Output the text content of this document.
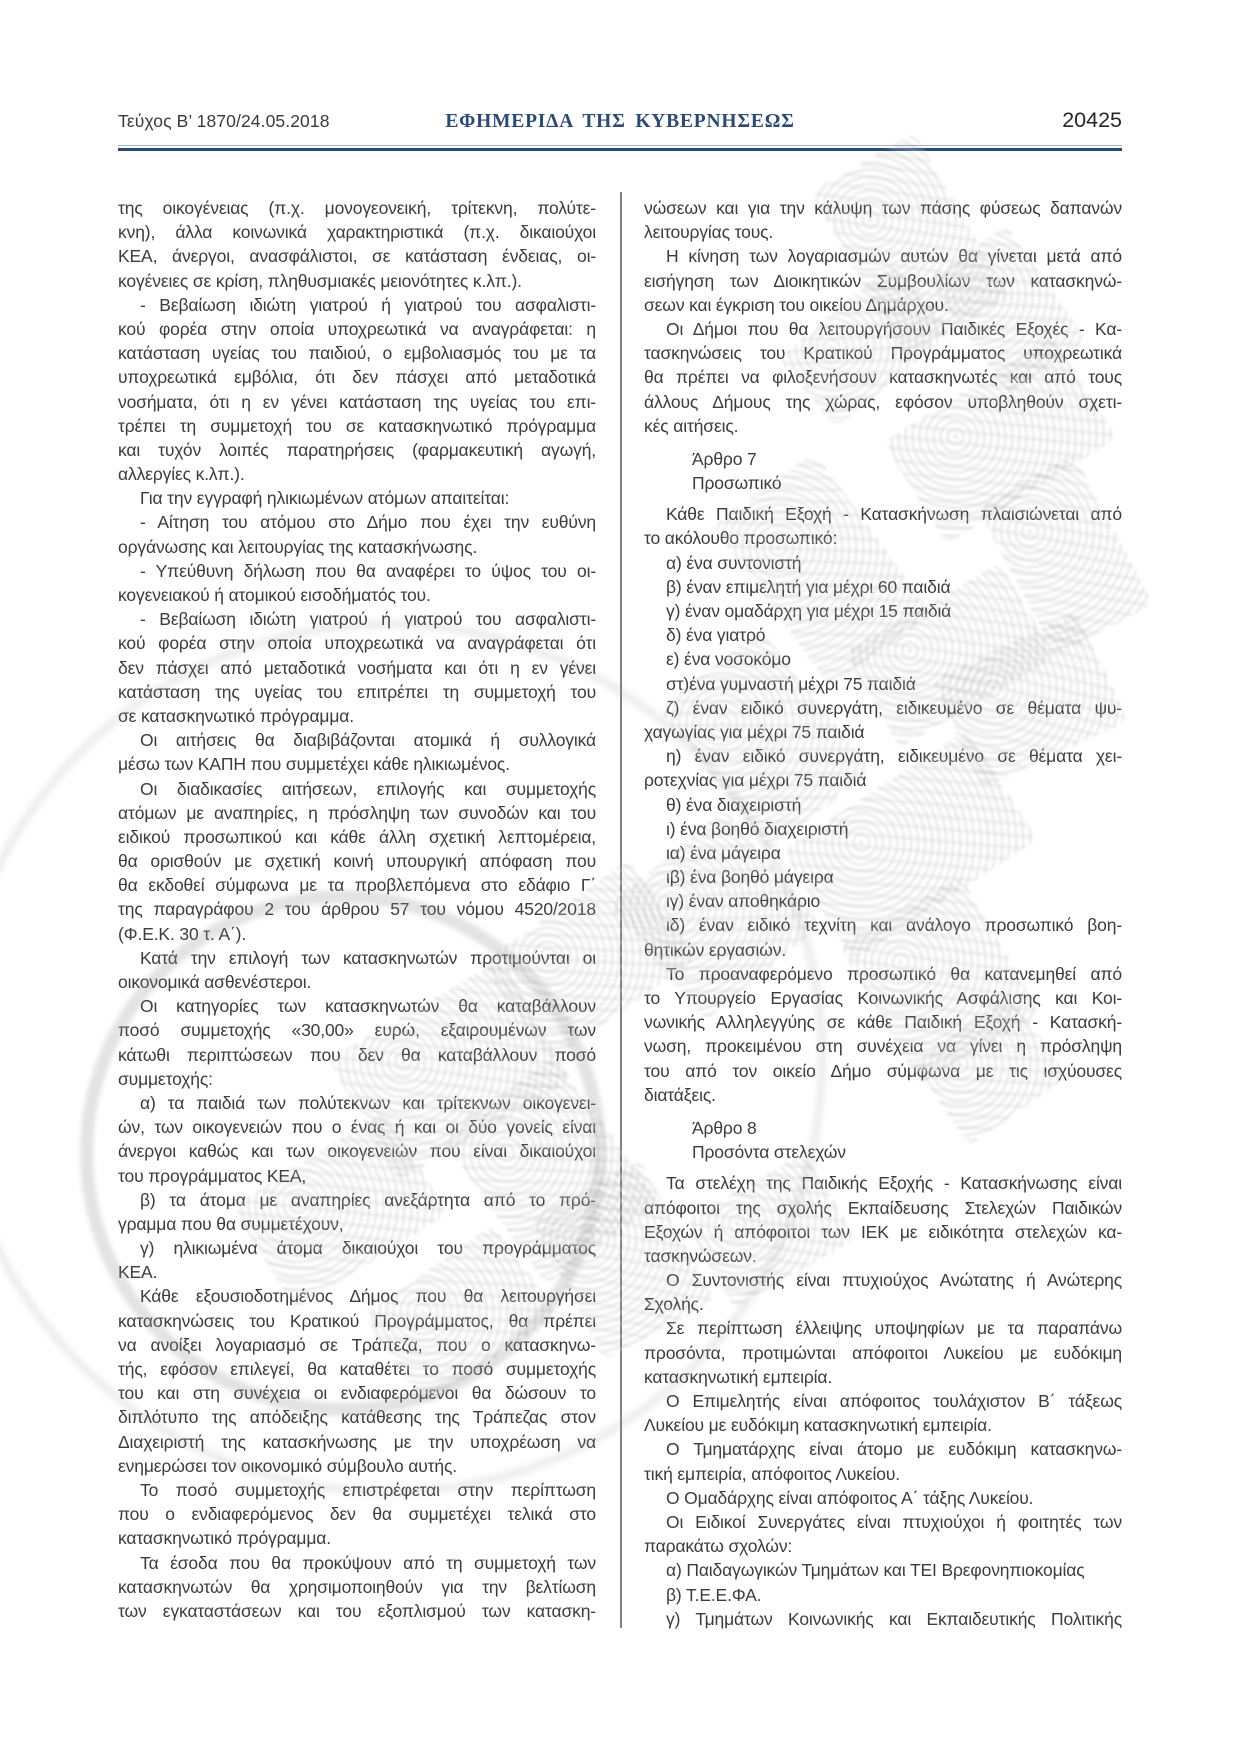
Τεύχος Β’ 1870/24.05.2018	ΕΦΗΜΕΡΙΔΑ ΤΗΣ ΚΥΒΕΡΝΗΣΕΩΣ	20425
της οικογένειας (π.χ. μονογεονεική, τρίτεκνη, πολύτε-
κνη), άλλα κοινωνικά χαρακτηριστικά (π.χ. δικαιούχοι
ΚΕΑ, άνεργοι, ανασφάλιστοι, σε κατάσταση ένδειας, οι-
κογένειες σε κρίση, πληθυσμιακές μειονότητες κ.λπ.).
- Βεβαίωση ιδιώτη γιατρού ή γιατρού του ασφαλιστι-
κού φορέα στην οποία υποχρεωτικά να αναγράφεται: η
κατάσταση υγείας του παιδιού, ο εμβολιασμός του με τα
υποχρεωτικά εμβόλια, ότι δεν πάσχει από μεταδοτικά
νοσήματα, ότι η εν γένει κατάσταση της υγείας του επι-
τρέπει τη συμμετοχή του σε κατασκηνωτικό πρόγραμμα
και τυχόν λοιπές παρατηρήσεις (φαρμακευτική αγωγή,
αλλεργίες κ.λπ.).
Για την εγγραφή ηλικιωμένων ατόμων απαιτείται:
- Αίτηση του ατόμου στο Δήμο που έχει την ευθύνη
οργάνωσης και λειτουργίας της κατασκήνωσης.
- Υπεύθυνη δήλωση που θα αναφέρει το ύψος του οι-
κογενειακού ή ατομικού εισοδήματός του.
- Βεβαίωση ιδιώτη γιατρού ή γιατρού του ασφαλιστι-
κού φορέα στην οποία υποχρεωτικά να αναγράφεται ότι
δεν πάσχει από μεταδοτικά νοσήματα και ότι η εν γένει
κατάσταση της υγείας του επιτρέπει τη συμμετοχή του
σε κατασκηνωτικό πρόγραμμα.
Οι αιτήσεις θα διαβιβάζονται ατομικά ή συλλογικά
μέσω των ΚΑΠΗ που συμμετέχει κάθε ηλικιωμένος.
Οι διαδικασίες αιτήσεων, επιλογής και συμμετοχής
ατόμων με αναπηρίες, η πρόσληψη των συνοδών και του
ειδικού προσωπικού και κάθε άλλη σχετική λεπτομέρεια,
θα ορισθούν με σχετική κοινή υπουργική απόφαση που
θα εκδοθεί σύμφωνα με τα προβλεπόμενα στο εδάφιο Γ΄
της παραγράφου 2 του άρθρου 57 του νόμου 4520/2018
(Φ.Ε.Κ. 30 τ. Α΄).
Κατά την επιλογή των κατασκηνωτών προτιμούνται οι
οικονομικά ασθενέστεροι.
Οι κατηγορίες των κατασκηνωτών θα καταβάλλουν
ποσό συμμετοχής «30,00» ευρώ, εξαιρουμένων των
κάτωθι περιπτώσεων που δεν θα καταβάλλουν ποσό
συμμετοχής:
α) τα παιδιά των πολύτεκνων και τρίτεκνων οικογενει-
ών, των οικογενειών που ο ένας ή και οι δύο γονείς είναι
άνεργοι καθώς και των οικογενειών που είναι δικαιούχοι
του προγράμματος ΚΕΑ,
β) τα άτομα με αναπηρίες ανεξάρτητα από το πρό-
γραμμα που θα συμμετέχουν,
γ) ηλικιωμένα άτομα δικαιούχοι του προγράμματος
ΚΕΑ.
Κάθε εξουσιοδοτημένος Δήμος που θα λειτουργήσει
κατασκηνώσεις του Κρατικού Προγράμματος, θα πρέπει
να ανοίξει λογαριασμό σε Τράπεζα, που ο κατασκηνω-
τής, εφόσον επιλεγεί, θα καταθέτει το ποσό συμμετοχής
του και στη συνέχεια οι ενδιαφερόμενοι θα δώσουν το
διπλότυπο της απόδειξης κατάθεσης της Τράπεζας στον
Διαχειριστή της κατασκήνωσης με την υποχρέωση να
ενημερώσει τον οικονομικό σύμβουλο αυτής.
Το ποσό συμμετοχής επιστρέφεται στην περίπτωση
που ο ενδιαφερόμενος δεν θα συμμετέχει τελικά στο
κατασκηνωτικό πρόγραμμα.
Τα έσοδα που θα προκύψουν από τη συμμετοχή των
κατασκηνωτών θα χρησιμοποιηθούν για την βελτίωση
των εγκαταστάσεων και του εξοπλισμού των κατασκη-
νώσεων και για την κάλυψη των πάσης φύσεως δαπανών
λειτουργίας τους.
Η κίνηση των λογαριασμών αυτών θα γίνεται μετά από
εισήγηση των Διοικητικών Συμβουλίων των κατασκηνώ-
σεων και έγκριση του οικείου Δημάρχου.
Οι Δήμοι που θα λειτουργήσουν Παιδικές Εξοχές - Κα-
τασκηνώσεις του Κρατικού Προγράμματος υποχρεωτικά
θα πρέπει να φιλοξενήσουν κατασκηνωτές και από τους
άλλους Δήμους της χώρας, εφόσον υποβληθούν σχετι-
κές αιτήσεις.
Άρθρο 7
Προσωπικό
Κάθε Παιδική Εξοχή - Κατασκήνωση πλαισιώνεται από
το ακόλουθο προσωπικό:
α) ένα συντονιστή
β) έναν επιμελητή για μέχρι 60 παιδιά
γ) έναν ομαδάρχη για μέχρι 15 παιδιά
δ) ένα γιατρό
ε) ένα νοσοκόμο
στ)ένα γυμναστή μέχρι 75 παιδιά
ζ) έναν ειδικό συνεργάτη, ειδικευμένο σε θέματα ψυ-
χαγωγίας για μέχρι 75 παιδιά
η) έναν ειδικό συνεργάτη, ειδικευμένο σε θέματα χει-
ροτεχνίας για μέχρι 75 παιδιά
θ) ένα διαχειριστή
ι) ένα βοηθό διαχειριστή
ια) ένα μάγειρα
ιβ) ένα βοηθό μάγειρα
ιγ) έναν αποθηκάριο
ιδ) έναν ειδικό τεχνίτη και ανάλογο προσωπικό βοη-
θητικών εργασιών.
Το προαναφερόμενο προσωπικό θα κατανεμηθεί από
το Υπουργείο Εργασίας Κοινωνικής Ασφάλισης και Κοι-
νωνικής Αλληλεγγύης σε κάθε Παιδική Εξοχή - Κατασκή-
νωση, προκειμένου στη συνέχεια να γίνει η πρόσληψη
του από τον οικείο Δήμο σύμφωνα με τις ισχύουσες
διατάξεις.
Άρθρο 8
Προσόντα στελεχών
Τα στελέχη της Παιδικής Εξοχής - Κατασκήνωσης είναι
απόφοιτοι της σχολής Εκπαίδευσης Στελεχών Παιδικών
Εξοχών ή απόφοιτοι των ΙΕΚ με ειδικότητα στελεχών κα-
τασκηνώσεων.
Ο Συντονιστής είναι πτυχιούχος Ανώτατης ή Ανώτερης
Σχολής.
Σε περίπτωση έλλειψης υποψηφίων με τα παραπάνω
προσόντα, προτιμώνται απόφοιτοι Λυκείου με ευδόκιμη
κατασκηνωτική εμπειρία.
Ο Επιμελητής είναι απόφοιτος τουλάχιστον Β΄ τάξεως
Λυκείου με ευδόκιμη κατασκηνωτική εμπειρία.
Ο Τμηματάρχης είναι άτομο με ευδόκιμη κατασκηνω-
τική εμπειρία, απόφοιτος Λυκείου.
Ο Ομαδάρχης είναι απόφοιτος Α΄ τάξης Λυκείου.
Οι Ειδικοί Συνεργάτες είναι πτυχιούχοι ή φοιτητές των
παρακάτω σχολών:
α) Παιδαγωγικών Τμημάτων και ΤΕΙ Βρεφονηπιοκομίας
β) Τ.Ε.Ε.ΦΑ.
γ) Τμημάτων Κοινωνικής και Εκπαιδευτικής Πολιτικής
